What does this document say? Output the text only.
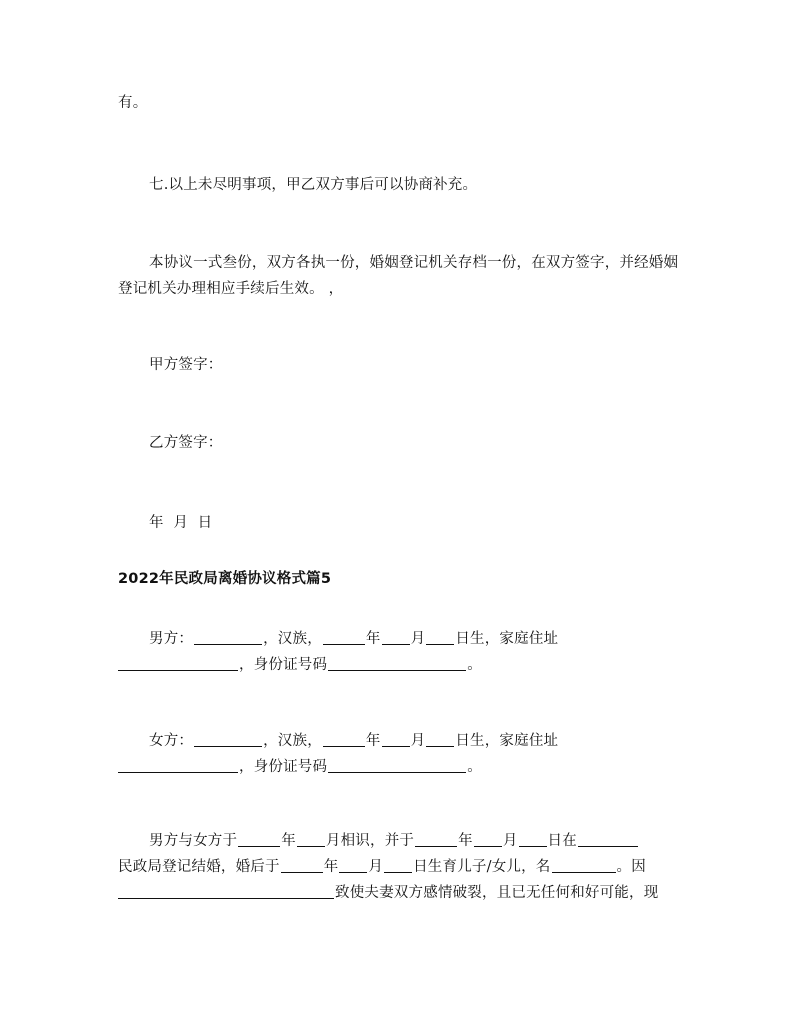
有。
七.以上未尽明事项，甲乙双方事后可以协商补充。
本协议一式叁份，双方各执一份，婚姻登记机关存档一份，在双方签字，并经婚姻登记机关办理相应手续后生效。 ，
甲方签字：
乙方签字：
年  月  日
2022年民政局离婚协议格式篇5
男方：	，汉族，	年 月 日生，家庭住址
，身份证号码	。
女方：	，汉族，	年 月 日生，家庭住址
，身份证号码	。
男方与女方于	年 月相识，并于	年 月 日在
民政局登记结婚，婚后于	年 月 日生育儿子/女儿，名	。因
致使夫妻双方感情破裂，且已无任何和好可能，现
